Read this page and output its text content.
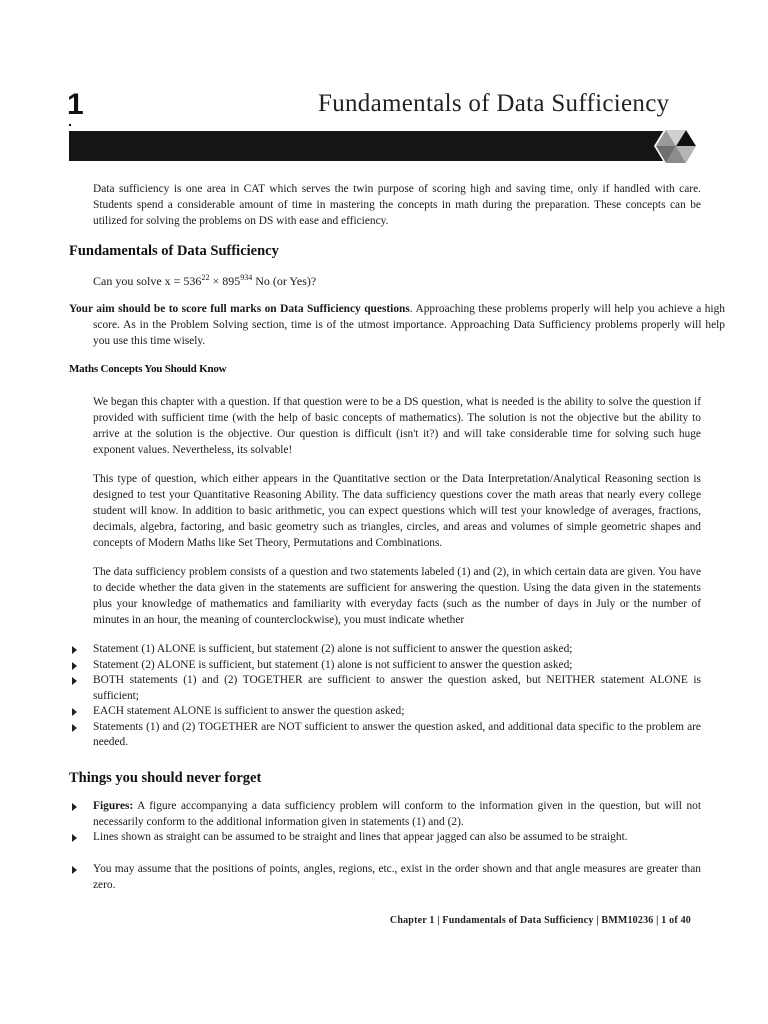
1	Fundamentals of Data Sufficiency

Data sufficiency is one area in CAT which serves the twin purpose of scoring high and saving time, only if handled with care. Students spend a considerable amount of time in mastering the concepts in math during the preparation. These concepts can be utilized for solving the problems on DS with ease and efficiency.

Fundamentals of Data Sufficiency
Can you solve $x = 536^{22} \times 895^{934}$ No (or Yes)?

Your aim should be to score full marks on Data Sufficiency questions. Approaching these problems properly will help you achieve a high score. As in the Problem Solving section, time is of the utmost importance. Approaching Data Sufficiency problems properly will help you use this time wisely.

Maths Concepts You Should Know

We began this chapter with a question. If that question were to be a DS question, what is needed is the ability to solve the question if provided with sufficient time (with the help of basic concepts of mathematics). The solution is not the objective but the ability to arrive at the solution is the objective. Our question is difficult (isn't it?) and will take considerable time for solving such huge exponent values. Nevertheless, its solvable!

This type of question, which either appears in the Quantitative section or the Data Interpretation/Analytical Reasoning section is designed to test your Quantitative Reasoning Ability. The data sufficiency questions cover the math areas that nearly every college student will know. In addition to basic arithmetic, you can expect questions which will test your knowledge of averages, fractions, decimals, algebra, factoring, and basic geometry such as triangles, circles, and areas and volumes of simple geometric shapes and concepts of Modern Maths like Set Theory, Permutations and Combinations.

The data sufficiency problem consists of a question and two statements labeled (1) and (2), in which certain data are given. You have to decide whether the data given in the statements are sufficient for answering the question. Using the data given in the statements plus your knowledge of mathematics and familiarity with everyday facts (such as the number of days in July or the number of minutes in an hour, the meaning of counterclockwise), you must indicate whether

Statement (1) ALONE is sufficient, but statement (2) alone is not sufficient to answer the question asked;
Statement (2) ALONE is sufficient, but statement (1) alone is not sufficient to answer the question asked;
BOTH statements (1) and (2) TOGETHER are sufficient to answer the question asked, but NEITHER statement ALONE is sufficient;
EACH statement ALONE is sufficient to answer the question asked;
Statements (1) and (2) TOGETHER are NOT sufficient to answer the question asked, and additional data specific to the problem are needed.
Things you should never forget
Figures: A figure accompanying a data sufficiency problem will conform to the information given in the question, but will not necessarily conform to the additional information given in statements (1) and (2).
Lines shown as straight can be assumed to be straight and lines that appear jagged can also be assumed to be straight.
You may assume that the positions of points, angles, regions, etc., exist in the order shown and that angle measures are greater than zero.
Chapter 1 | Fundamentals of Data Sufficiency | BMM10236 | 1 of 40
